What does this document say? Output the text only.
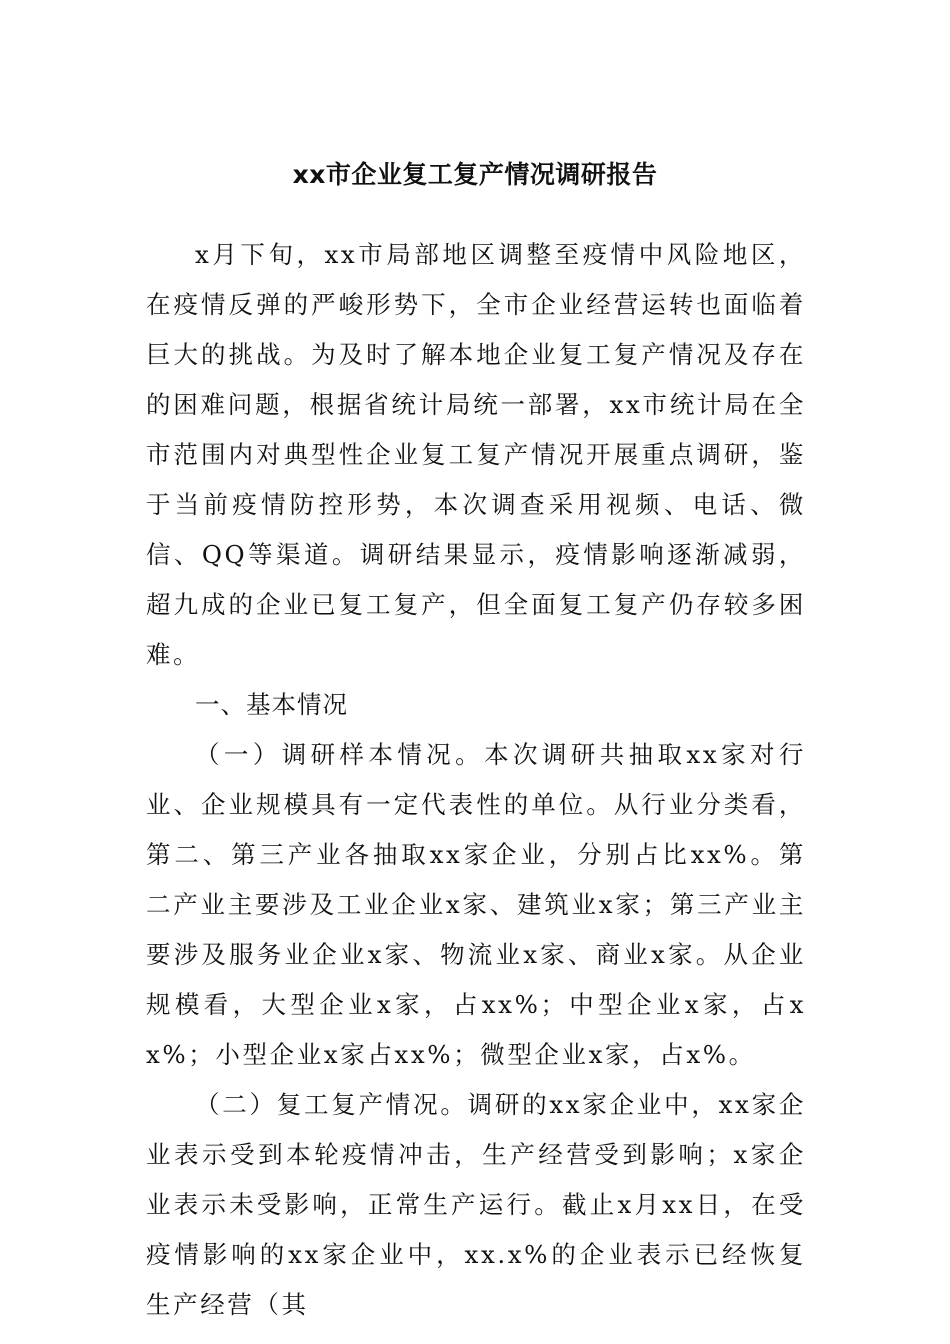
xx市企业复工复产情况调研报告

x月下旬，xx市局部地区调整至疫情中风险地区，在疫情反弹的严峻形势下，全市企业经营运转也面临着巨大的挑战。为及时了解本地企业复工复产情况及存在的困难问题，根据省统计局统一部署，xx市统计局在全市范围内对典型性企业复工复产情况开展重点调研，鉴于当前疫情防控形势，本次调查采用视频、电话、微信、QQ等渠道。调研结果显示，疫情影响逐渐减弱，超九成的企业已复工复产，但全面复工复产仍存较多困难。

一、基本情况

（一）调研样本情况。本次调研共抽取xx家对行业、企业规模具有一定代表性的单位。从行业分类看，第二、第三产业各抽取xx家企业，分别占比xx%。第二产业主要涉及工业企业x家、建筑业x家；第三产业主要涉及服务业企业x家、物流业x家、商业x家。从企业规模看，大型企业x家，占xx%；中型企业x家，占xx%；小型企业x家占xx%；微型企业x家，占x%。

（二）复工复产情况。调研的xx家企业中，xx家企业表示受到本轮疫情冲击，生产经营受到影响；x家企业表示未受影响，正常生产运行。截止x月xx日，在受疫情影响的xx家企业中，xx.x%的企业表示已经恢复生产经营（其
